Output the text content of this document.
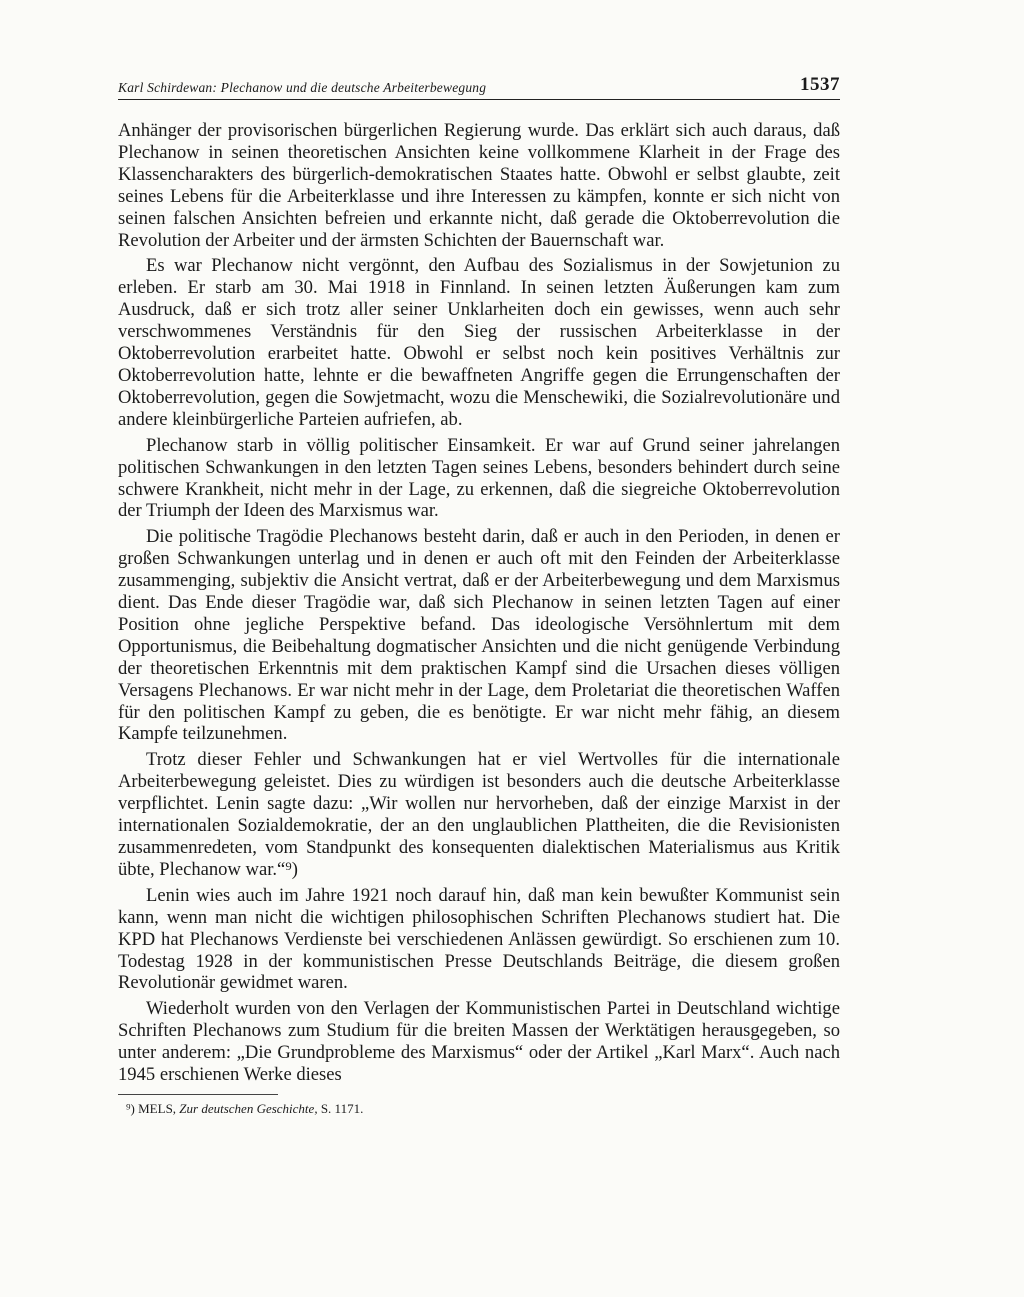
Karl Schirdewan: Plechanow und die deutsche Arbeiterbewegung	1537

Anhänger der provisorischen bürgerlichen Regierung wurde. Das erklärt sich auch daraus, daß Plechanow in seinen theoretischen Ansichten keine vollkommene Klarheit in der Frage des Klassencharakters des bürgerlich-demokratischen Staates hatte. Obwohl er selbst glaubte, zeit seines Lebens für die Arbeiterklasse und ihre Interessen zu kämpfen, konnte er sich nicht von seinen falschen Ansichten befreien und erkannte nicht, daß gerade die Oktoberrevolution die Revolution der Arbeiter und der ärmsten Schichten der Bauernschaft war.

Es war Plechanow nicht vergönnt, den Aufbau des Sozialismus in der Sowjetunion zu erleben. Er starb am 30. Mai 1918 in Finnland. In seinen letzten Äußerungen kam zum Ausdruck, daß er sich trotz aller seiner Unklarheiten doch ein gewisses, wenn auch sehr verschwommenes Verständnis für den Sieg der russischen Arbeiterklasse in der Oktoberrevolution erarbeitet hatte. Obwohl er selbst noch kein positives Verhältnis zur Oktoberrevolution hatte, lehnte er die bewaffneten Angriffe gegen die Errungenschaften der Oktoberrevolution, gegen die Sowjetmacht, wozu die Menschewiki, die Sozialrevolutionäre und andere kleinbürgerliche Parteien aufriefen, ab.

Plechanow starb in völlig politischer Einsamkeit. Er war auf Grund seiner jahrelangen politischen Schwankungen in den letzten Tagen seines Lebens, besonders behindert durch seine schwere Krankheit, nicht mehr in der Lage, zu erkennen, daß die siegreiche Oktoberrevolution der Triumph der Ideen des Marxismus war.

Die politische Tragödie Plechanows besteht darin, daß er auch in den Perioden, in denen er großen Schwankungen unterlag und in denen er auch oft mit den Feinden der Arbeiterklasse zusammenging, subjektiv die Ansicht vertrat, daß er der Arbeiterbewegung und dem Marxismus dient. Das Ende dieser Tragödie war, daß sich Plechanow in seinen letzten Tagen auf einer Position ohne jegliche Perspektive befand. Das ideologische Versöhnlertum mit dem Opportunismus, die Beibehaltung dogmatischer Ansichten und die nicht genügende Verbindung der theoretischen Erkenntnis mit dem praktischen Kampf sind die Ursachen dieses völligen Versagens Plechanows. Er war nicht mehr in der Lage, dem Proletariat die theoretischen Waffen für den politischen Kampf zu geben, die es benötigte. Er war nicht mehr fähig, an diesem Kampfe teilzunehmen.

Trotz dieser Fehler und Schwankungen hat er viel Wertvolles für die internationale Arbeiterbewegung geleistet. Dies zu würdigen ist besonders auch die deutsche Arbeiterklasse verpflichtet. Lenin sagte dazu: „Wir wollen nur hervorheben, daß der einzige Marxist in der internationalen Sozialdemokratie, der an den unglaublichen Plattheiten, die die Revisionisten zusammenredeten, vom Standpunkt des konsequenten dialektischen Materialismus aus Kritik übte, Plechanow war.“⁹)

Lenin wies auch im Jahre 1921 noch darauf hin, daß man kein bewußter Kommunist sein kann, wenn man nicht die wichtigen philosophischen Schriften Plechanows studiert hat. Die KPD hat Plechanows Verdienste bei verschiedenen Anlässen gewürdigt. So erschienen zum 10. Todestag 1928 in der kommunistischen Presse Deutschlands Beiträge, die diesem großen Revolutionär gewidmet waren.

Wiederholt wurden von den Verlagen der Kommunistischen Partei in Deutschland wichtige Schriften Plechanows zum Studium für die breiten Massen der Werktätigen herausgegeben, so unter anderem: „Die Grundprobleme des Marxismus“ oder der Artikel „Karl Marx“. Auch nach 1945 erschienen Werke dieses

⁹) MELS, Zur deutschen Geschichte, S. 1171.
